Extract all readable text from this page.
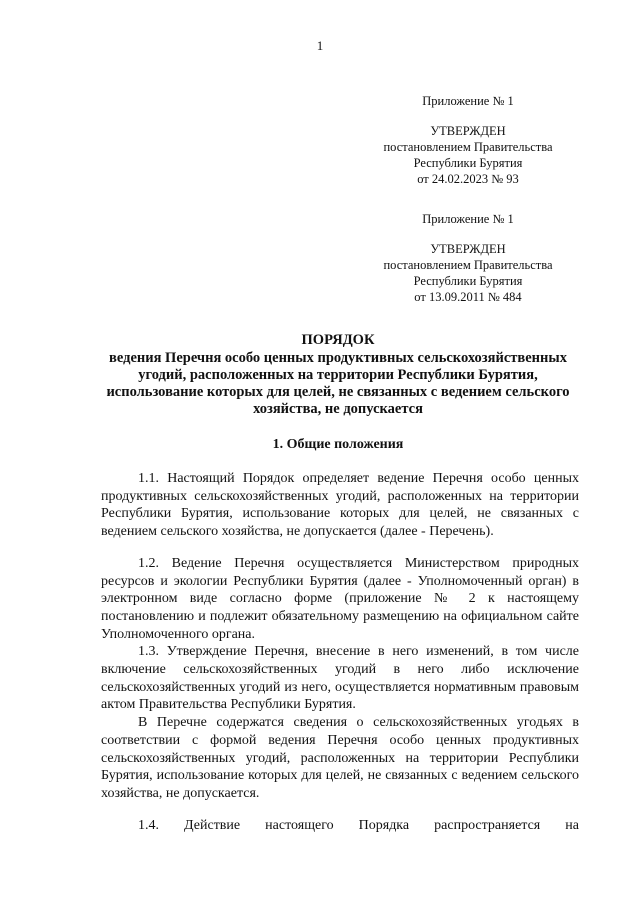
1
Приложение № 1
УТВЕРЖДЕН
постановлением Правительства
Республики Бурятия
от 24.02.2023 № 93
Приложение № 1
УТВЕРЖДЕН
постановлением Правительства
Республики Бурятия
от 13.09.2011 № 484
ПОРЯДОК
ведения Перечня особо ценных продуктивных сельскохозяйственных угодий, расположенных на территории Республики Бурятия, использование которых для целей, не связанных с ведением сельского хозяйства, не допускается
1. Общие положения

1.1. Настоящий Порядок определяет ведение Перечня особо ценных продуктивных сельскохозяйственных угодий, расположенных на территории Республики Бурятия, использование которых для целей, не связанных с ведением сельского хозяйства, не допускается (далее - Перечень).

1.2. Ведение Перечня осуществляется Министерством природных ресурсов и экологии Республики Бурятия (далее - Уполномоченный орган) в электронном виде согласно форме (приложение № 2 к настоящему постановлению и подлежит обязательному размещению на официальном сайте Уполномоченного органа.

1.3. Утверждение Перечня, внесение в него изменений, в том числе включение сельскохозяйственных угодий в него либо исключение сельскохозяйственных угодий из него, осуществляется нормативным правовым актом Правительства Республики Бурятия.

В Перечне содержатся сведения о сельскохозяйственных угодьях в соответствии с формой ведения Перечня особо ценных продуктивных сельскохозяйственных угодий, расположенных на территории Республики Бурятия, использование которых для целей, не связанных с ведением сельского хозяйства, не допускается.

1.4. Действие настоящего Порядка распространяется на
